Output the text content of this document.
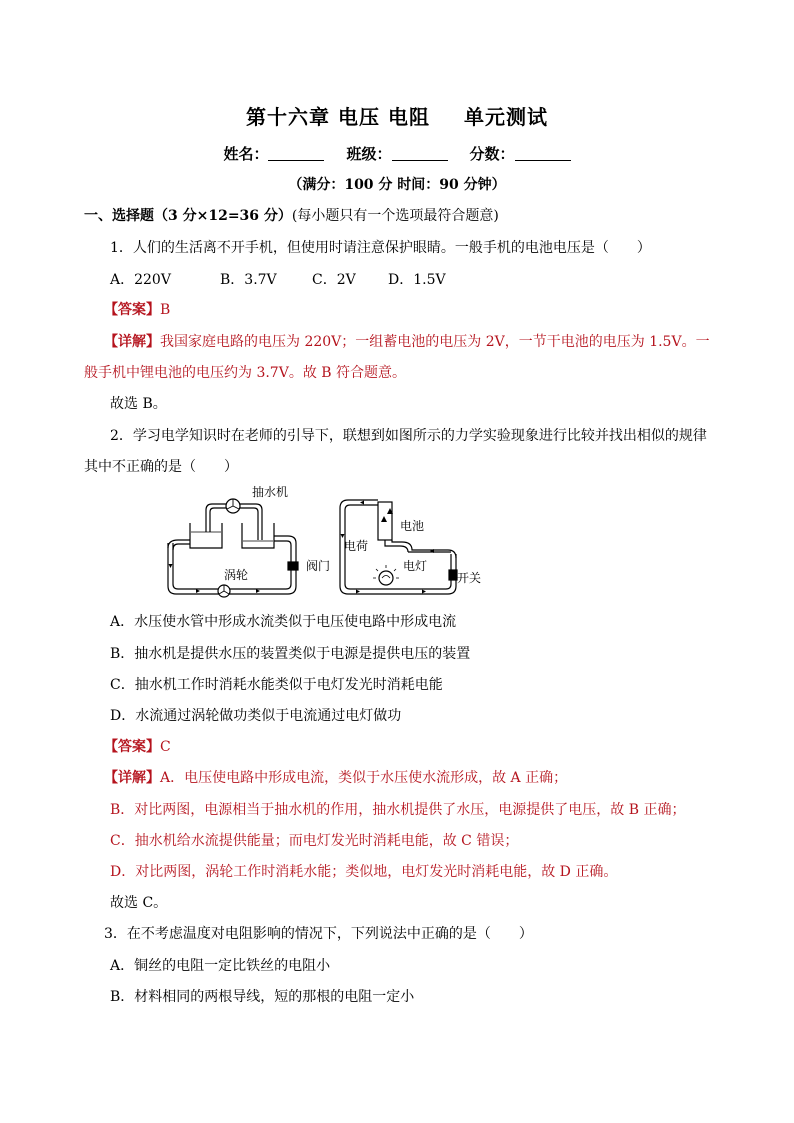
第十六章 电压 电阻 单元测试
姓名：	班级：	分数：
（满分：100 分 时间：90 分钟）
一、选择题（3 分×12=36 分）(每小题只有一个选项最符合题意)
1．人们的生活离不开手机，但使用时请注意保护眼睛。一般手机的电池电压是（　　）
A．220V	B．3.7V	C．2V D．1.5V
【答案】B
【详解】我国家庭电路的电压为 220V；一组蓄电池的电压为 2V，一节干电池的电压为 1.5V。一
般手机中锂电池的电压约为 3.7V。故 B 符合题意。
故选 B。
2．学习电学知识时在老师的引导下，联想到如图所示的力学实验现象进行比较并找出相似的规律
其中不正确的是（　　）
抽水机
涡轮
阀门
电池
电荷
电灯
开关
A．水压使水管中形成水流类似于电压使电路中形成电流
B．抽水机是提供水压的装置类似于电源是提供电压的装置
C．抽水机工作时消耗水能类似于电灯发光时消耗电能
D．水流通过涡轮做功类似于电流通过电灯做功
【答案】C
【详解】A．电压使电路中形成电流，类似于水压使水流形成，故 A 正确；
B．对比两图，电源相当于抽水机的作用，抽水机提供了水压，电源提供了电压，故 B 正确；
C．抽水机给水流提供能量；而电灯发光时消耗电能，故 C 错误；
D．对比两图，涡轮工作时消耗水能；类似地，电灯发光时消耗电能，故 D 正确。
故选 C。
3．在不考虑温度对电阻影响的情况下，下列说法中正确的是（　　）
A．铜丝的电阻一定比铁丝的电阻小
B．材料相同的两根导线，短的那根的电阻一定小
